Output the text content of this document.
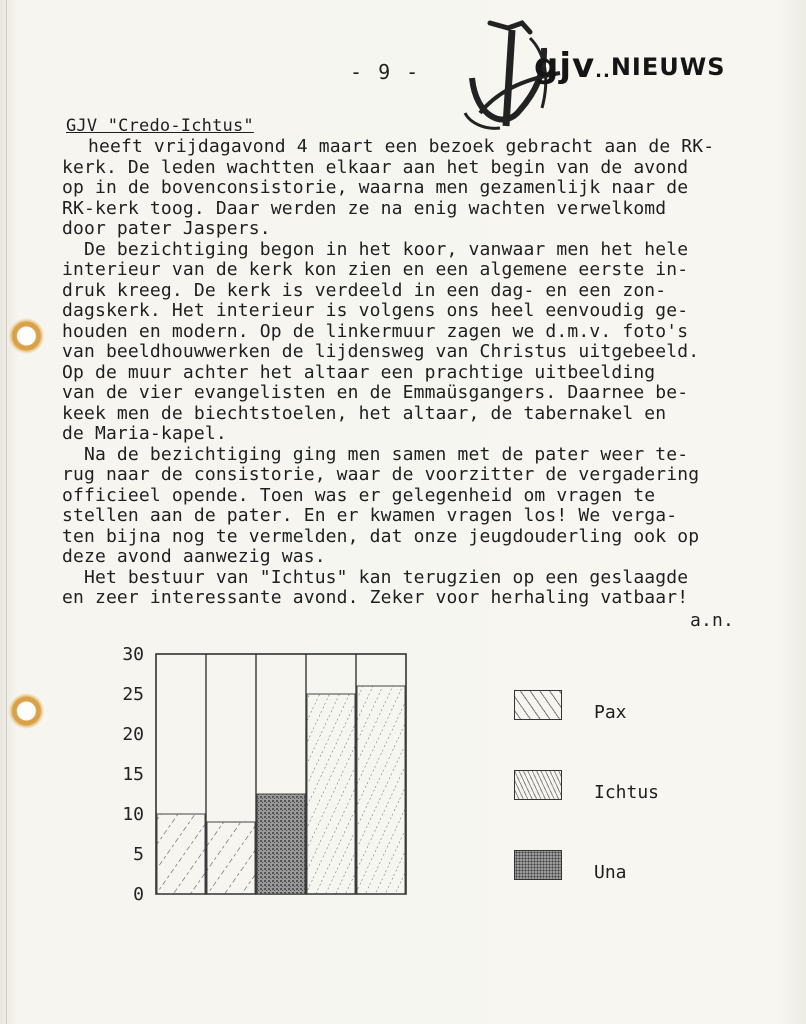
- 9 -	gjv..NIEUWS
GJV "Credo-Ichtus"
heeft vrijdagavond 4 maart een bezoek gebracht aan de RK-
kerk. De leden wachtten elkaar aan het begin van de avond
op in de bovenconsistorie, waarna men gezamenlijk naar de
RK-kerk toog. Daar werden ze na enig wachten verwelkomd
door pater Jaspers.
De bezichtiging begon in het koor, vanwaar men het hele
interieur van de kerk kon zien en een algemene eerste in-
druk kreeg. De kerk is verdeeld in een dag- en een zon-
dagskerk. Het interieur is volgens ons heel eenvoudig ge-
houden en modern. Op de linkermuur zagen we d.m.v. foto's
van beeldhouwwerken de lijdensweg van Christus uitgebeeld.
Op de muur achter het altaar een prachtige uitbeelding
van de vier evangelisten en de Emmaüsgangers. Daarnee be-
keek men de biechtstoelen, het altaar, de tabernakel en
de Maria-kapel.
Na de bezichtiging ging men samen met de pater weer te-
rug naar de consistorie, waar de voorzitter de vergadering
officieel opende. Toen was er gelegenheid om vragen te
stellen aan de pater. En er kwamen vragen los! We verga-
ten bijna nog te vermelden, dat onze jeugdouderling ook op
deze avond aanwezig was.
Het bestuur van "Ichtus" kan terugzien op een geslaagde
en zeer interessante avond. Zeker voor herhaling vatbaar!
a.n.
0
5
10
15
20
25
30
Pax
Ichtus
Una
